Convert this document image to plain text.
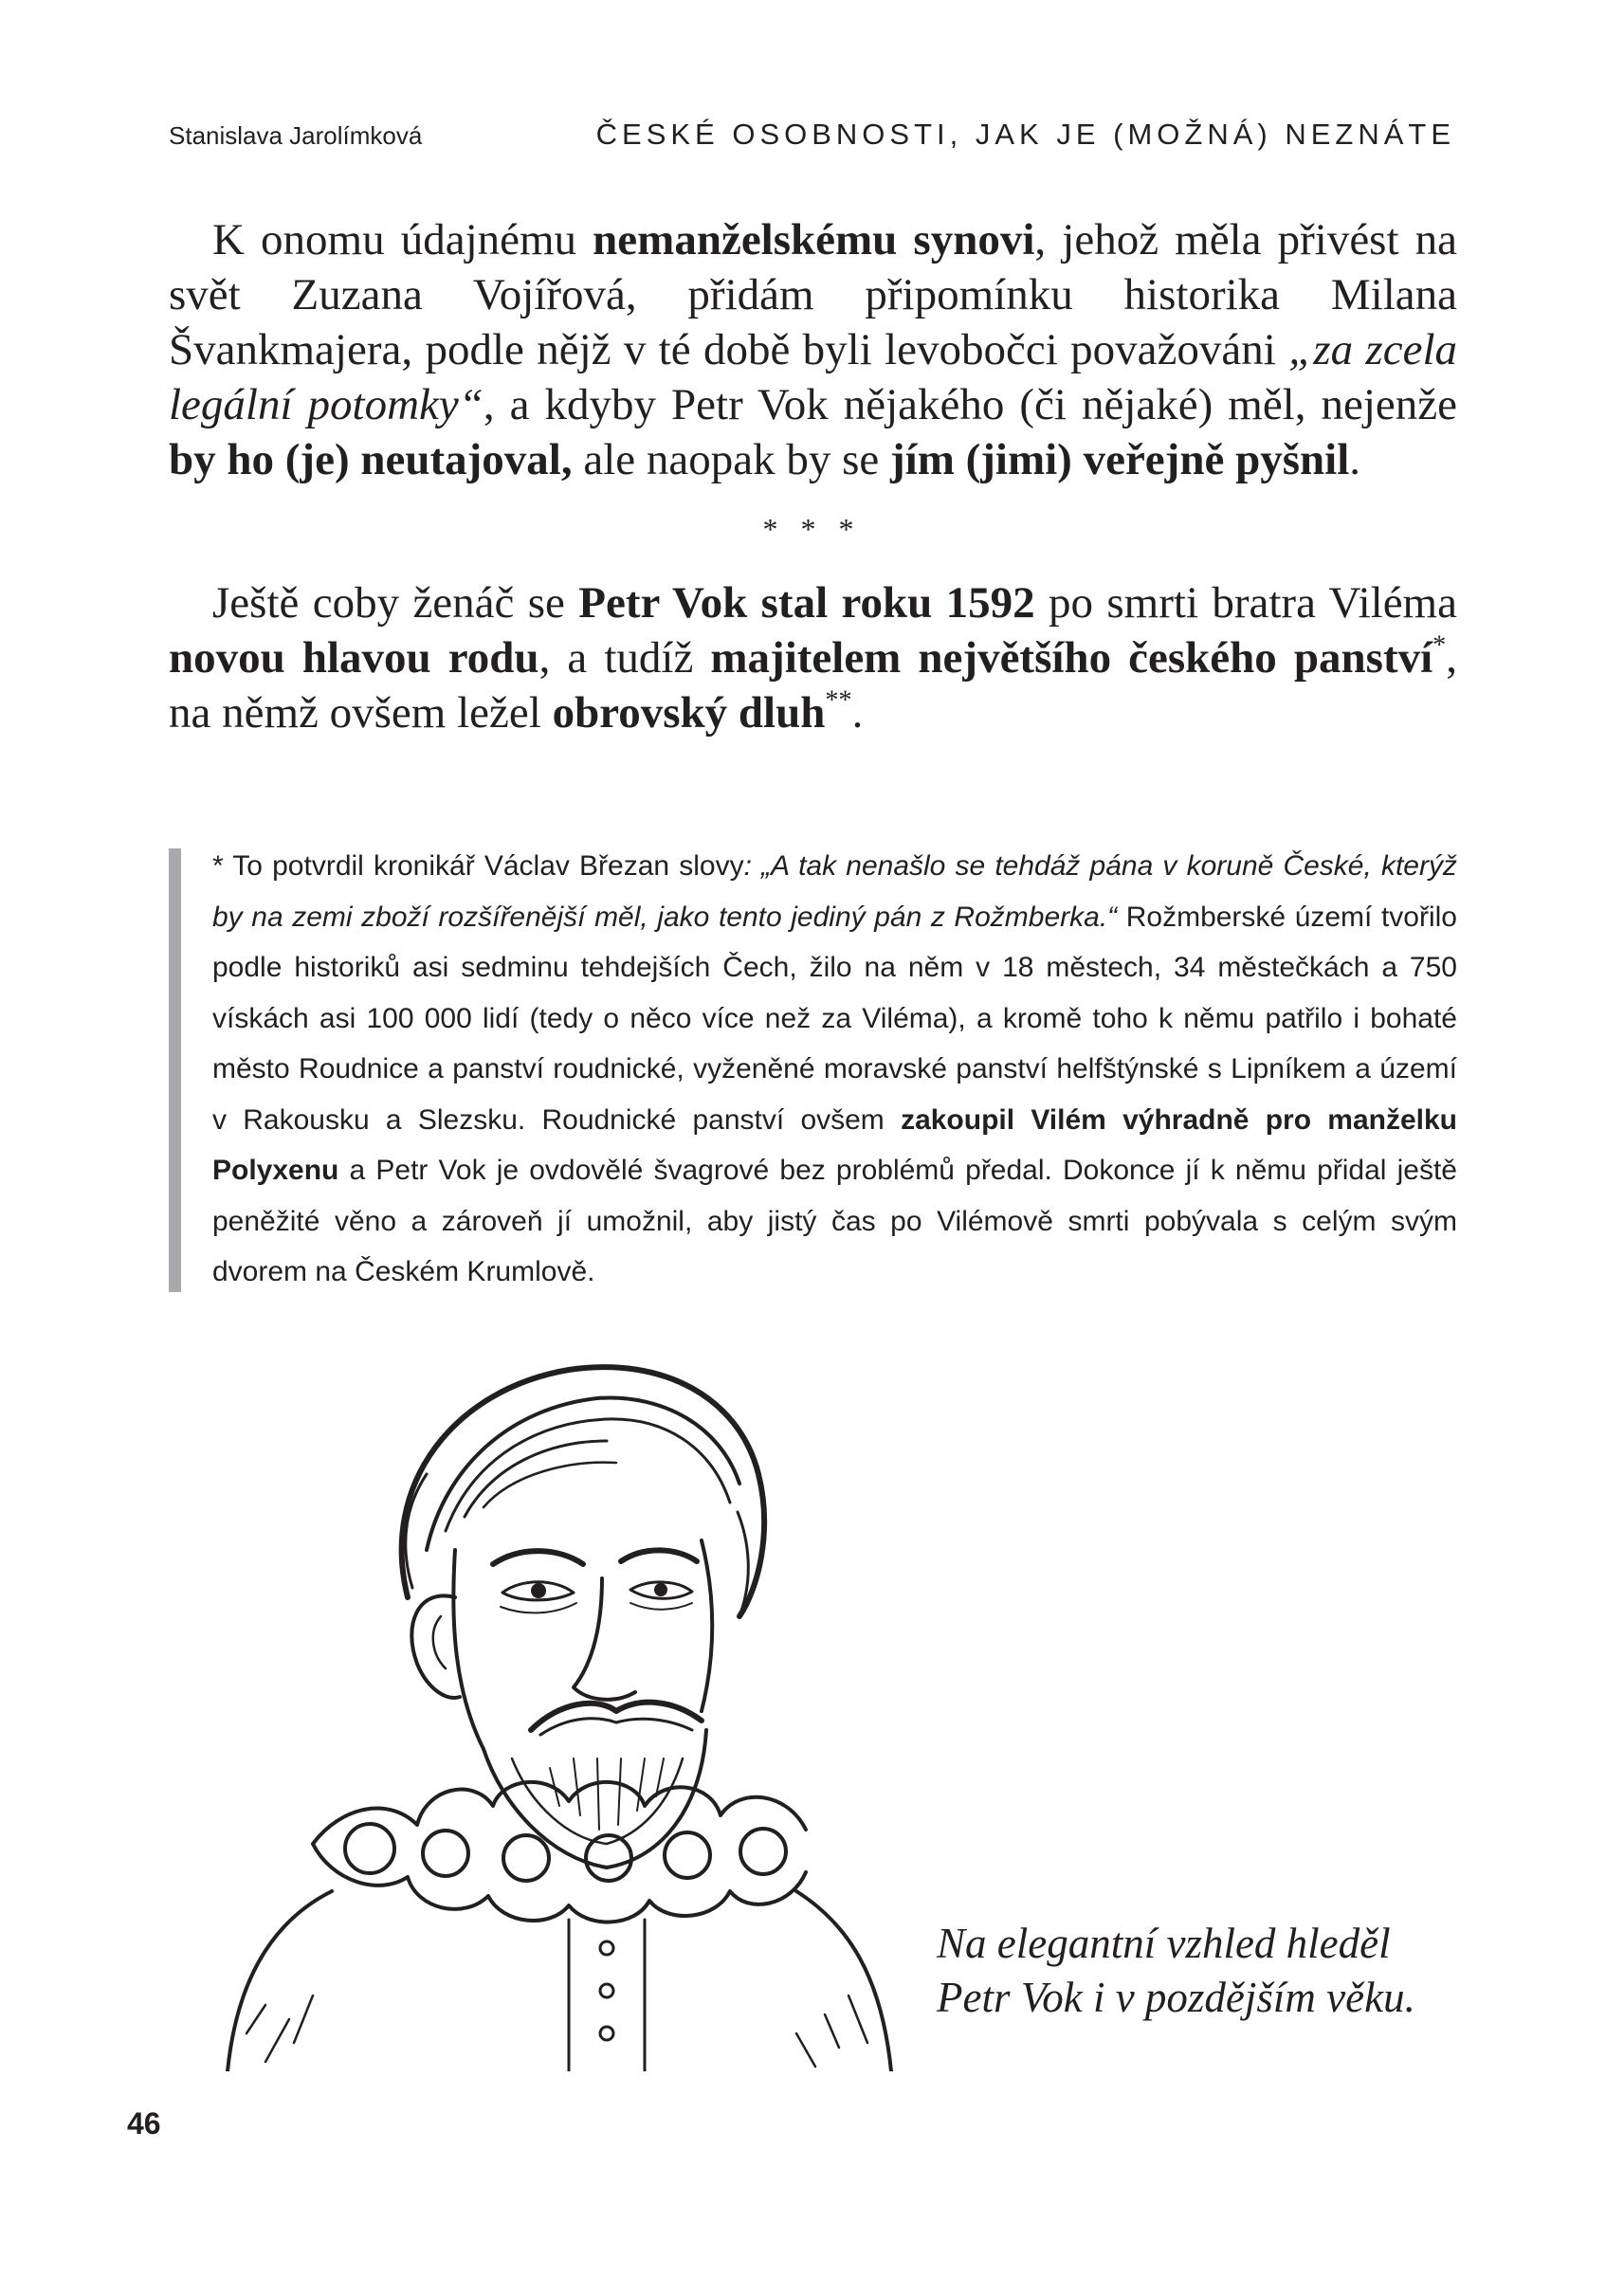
Stanislava Jarolímková	ČESKÉ OSOBNOSTI, JAK JE (MOŽNÁ) NEZNÁTE
K onomu údajnému nemanželskému synovi, jehož měla přivést na svět Zuzana Vojířová, přidám připomínku historika Milana Švankmajera, podle nějž v té době byli levobočci považováni „za zcela legální potomky“, a kdyby Petr Vok nějakého (či nějaké) měl, nejenže by ho (je) neutajoval, ale naopak by se jím (jimi) veřejně pyšnil.
* * *
Ještě coby ženáč se Petr Vok stal roku 1592 po smrti bratra Viléma novou hlavou rodu, a tudíž majitelem největšího českého panství*, na němž ovšem ležel obrovský dluh**.
* To potvrdil kronikář Václav Březan slovy: „A tak nenašlo se tehdáž pána v koruně České, kterýž by na zemi zboží rozšířenější měl, jako tento jediný pán z Rožmberka.“ Rožmberské území tvořilo podle historiků asi sedminu tehdejších Čech, žilo na něm v 18 městech, 34 městečkách a 750 vískách asi 100 000 lidí (tedy o něco více než za Viléma), a kromě toho k němu patřilo i bohaté město Roudnice a panství roudnické, vyženěné moravské panství helfštýnské s Lipníkem a území v Rakousku a Slezsku. Roudnické panství ovšem zakoupil Vilém výhradně pro manželku Polyxenu a Petr Vok je ovdovělé švagrové bez problémů předal. Dokonce jí k němu přidal ještě peněžité věno a zároveň jí umožnil, aby jistý čas po Vilémově smrti pobývala s celým svým dvorem na Českém Krumlově.
Na elegantní vzhled hleděl
Petr Vok i v pozdějším věku.
46
